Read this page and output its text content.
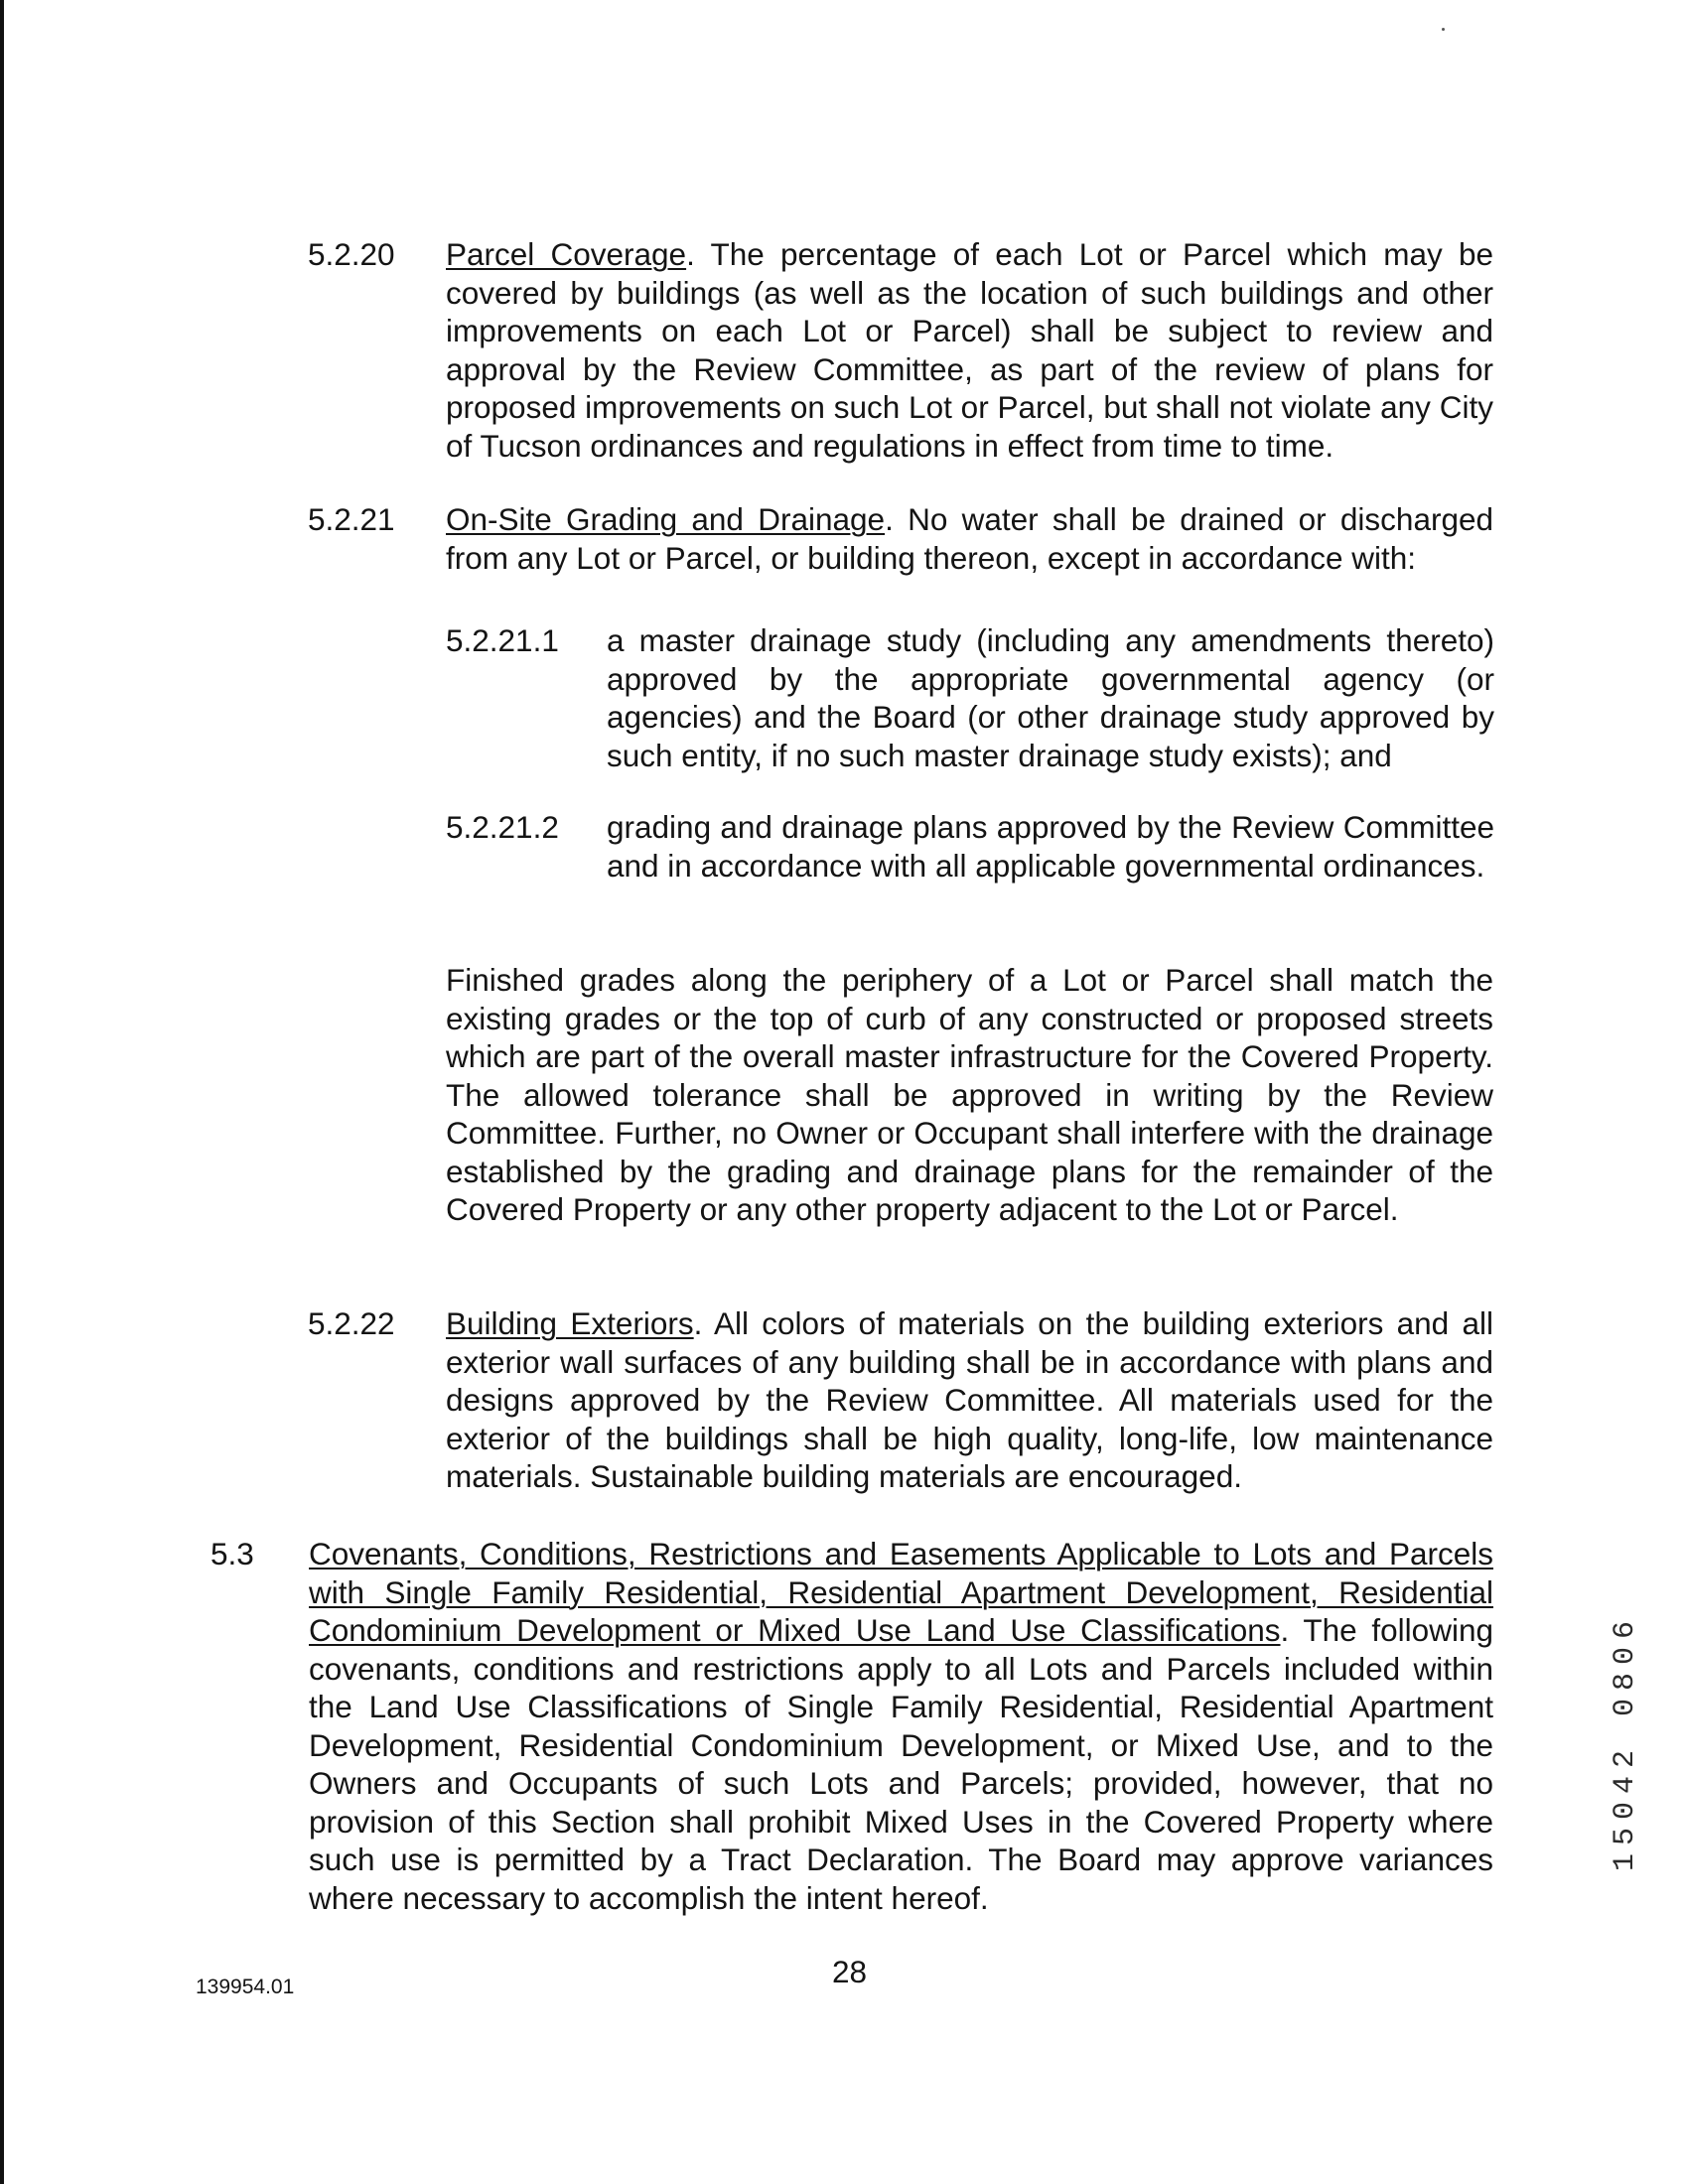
5.2.20 Parcel Coverage. The percentage of each Lot or Parcel which may be covered by buildings (as well as the location of such buildings and other improvements on each Lot or Parcel) shall be subject to review and approval by the Review Committee, as part of the review of plans for proposed improvements on such Lot or Parcel, but shall not violate any City of Tucson ordinances and regulations in effect from time to time.
5.2.21 On-Site Grading and Drainage. No water shall be drained or discharged from any Lot or Parcel, or building thereon, except in accordance with:
5.2.21.1 a master drainage study (including any amendments thereto) approved by the appropriate governmental agency (or agencies) and the Board (or other drainage study approved by such entity, if no such master drainage study exists); and
5.2.21.2 grading and drainage plans approved by the Review Committee and in accordance with all applicable governmental ordinances.
Finished grades along the periphery of a Lot or Parcel shall match the existing grades or the top of curb of any constructed or proposed streets which are part of the overall master infrastructure for the Covered Property. The allowed tolerance shall be approved in writing by the Review Committee. Further, no Owner or Occupant shall interfere with the drainage established by the grading and drainage plans for the remainder of the Covered Property or any other property adjacent to the Lot or Parcel.
5.2.22 Building Exteriors. All colors of materials on the building exteriors and all exterior wall surfaces of any building shall be in accordance with plans and designs approved by the Review Committee. All materials used for the exterior of the buildings shall be high quality, long-life, low maintenance materials. Sustainable building materials are encouraged.
5.3 Covenants, Conditions, Restrictions and Easements Applicable to Lots and Parcels with Single Family Residential, Residential Apartment Development, Residential Condominium Development or Mixed Use Land Use Classifications. The following covenants, conditions and restrictions apply to all Lots and Parcels included within the Land Use Classifications of Single Family Residential, Residential Apartment Development, Residential Condominium Development, or Mixed Use, and to the Owners and Occupants of such Lots and Parcels; provided, however, that no provision of this Section shall prohibit Mixed Uses in the Covered Property where such use is permitted by a Tract Declaration. The Board may approve variances where necessary to accomplish the intent hereof.
139954.01	28
15042 0806
